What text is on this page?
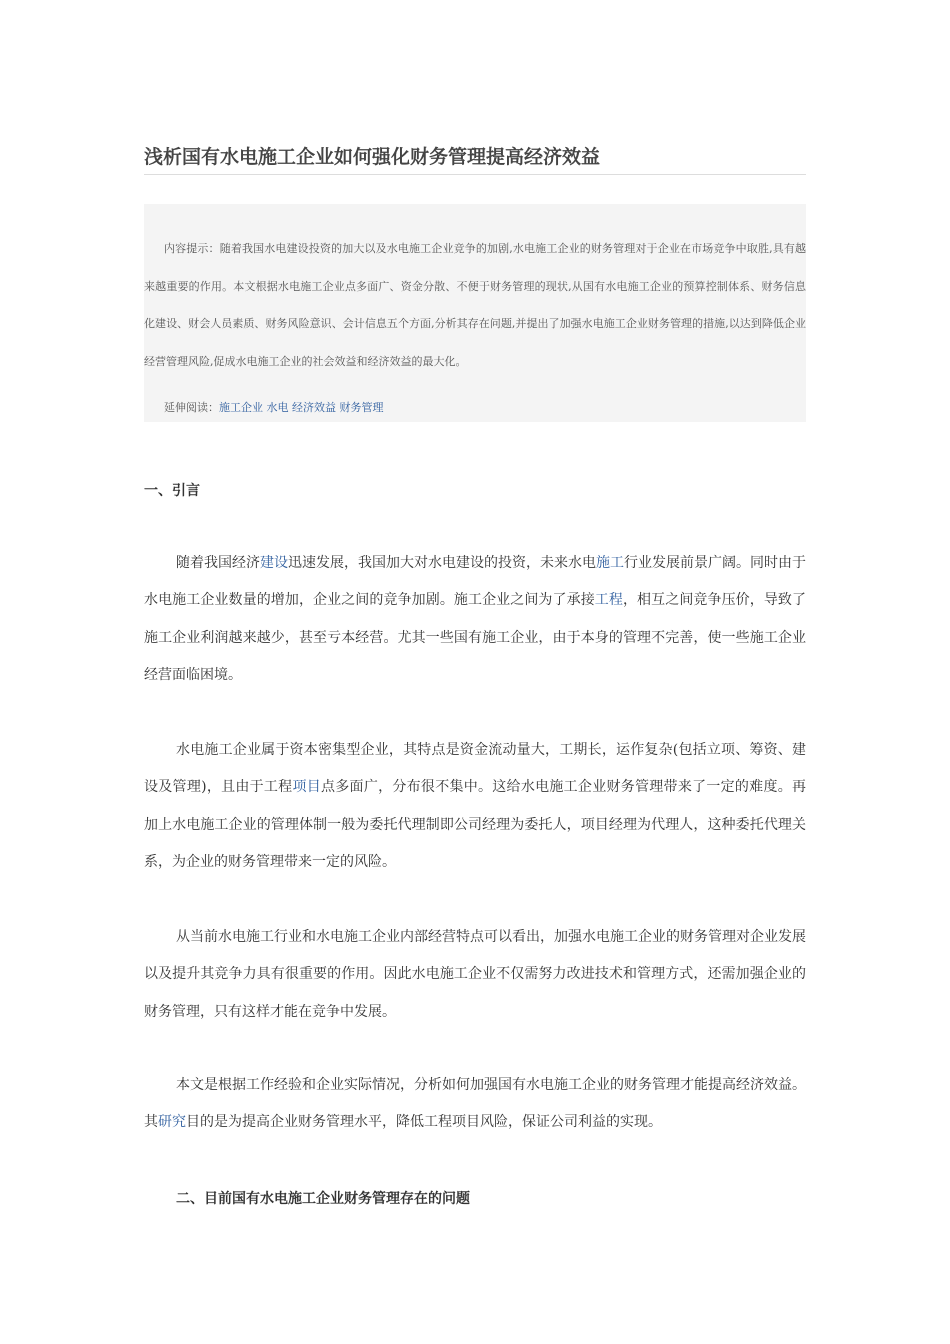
浅析国有水电施工企业如何强化财务管理提高经济效益

内容提示：随着我国水电建设投资的加大以及水电施工企业竞争的加剧,水电施工企业的财务管理对于企业在市场竞争中取胜,具有越来越重要的作用。本文根据水电施工企业点多面广、资金分散、不便于财务管理的现状,从国有水电施工企业的预算控制体系、财务信息化建设、财会人员素质、财务风险意识、会计信息五个方面,分析其存在问题,并提出了加强水电施工企业财务管理的措施,以达到降低企业经营管理风险,促成水电施工企业的社会效益和经济效益的最大化。

延伸阅读：施工企业 水电 经济效益 财务管理
一、引言

随着我国经济建设迅速发展，我国加大对水电建设的投资，未来水电施工行业发展前景广阔。同时由于水电施工企业数量的增加，企业之间的竞争加剧。施工企业之间为了承接工程，相互之间竞争压价，导致了施工企业利润越来越少，甚至亏本经营。尤其一些国有施工企业，由于本身的管理不完善，使一些施工企业经营面临困境。

水电施工企业属于资本密集型企业，其特点是资金流动量大，工期长，运作复杂(包括立项、筹资、建设及管理)，且由于工程项目点多面广，分布很不集中。这给水电施工企业财务管理带来了一定的难度。再加上水电施工企业的管理体制一般为委托代理制即公司经理为委托人，项目经理为代理人，这种委托代理关系，为企业的财务管理带来一定的风险。

从当前水电施工行业和水电施工企业内部经营特点可以看出，加强水电施工企业的财务管理对企业发展以及提升其竞争力具有很重要的作用。因此水电施工企业不仅需努力改进技术和管理方式，还需加强企业的财务管理，只有这样才能在竞争中发展。

本文是根据工作经验和企业实际情况，分析如何加强国有水电施工企业的财务管理才能提高经济效益。其研究目的是为提高企业财务管理水平，降低工程项目风险，保证公司利益的实现。

二、目前国有水电施工企业财务管理存在的问题
